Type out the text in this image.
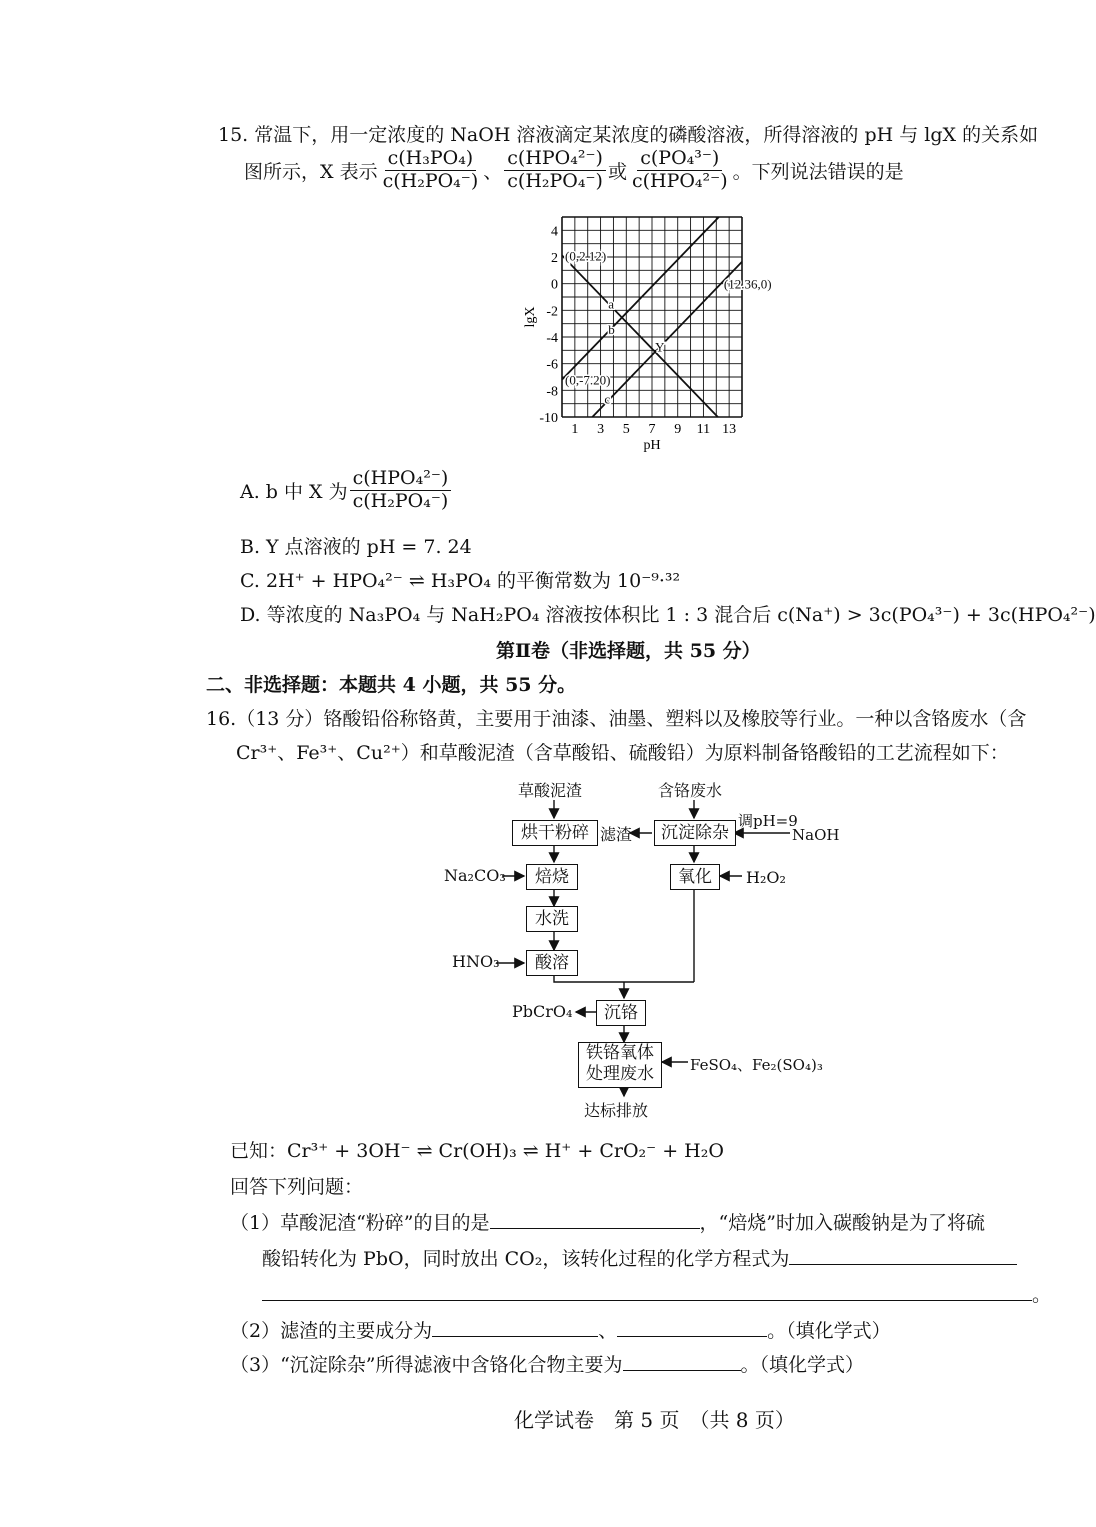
15. 常温下，用一定浓度的 NaOH 溶液滴定某浓度的磷酸溶液，所得溶液的 pH 与 lgX 的关系如
图所示，X 表示 $\frac{\text{c(H₃PO₄)}}{\text{c(H₂PO₄⁻)}}$ 、 $\frac{\text{c(HPO₄²⁻)}}{\text{c(H₂PO₄⁻)}}$ 或 $\frac{\text{c(PO₄³⁻)}}{\text{c(HPO₄²⁻)}}$ 。下列说法错误的是
4
2
0
-2
-4
-6
-8
-10
1 3 5 7 9 11 13
pH
lgX
(0,2.12)
(12.36,0)
(0,-7.20)
a
b
c
Y
A. b 中 X 为 $\frac{\text{c(HPO₄²⁻)}}{\text{c(H₂PO₄⁻)}}$
B. Y 点溶液的 pH = 7. 24
C. 2H⁺ + HPO₄²⁻ ⇌ H₃PO₄ 的平衡常数为 10⁻⁹·³²
D. 等浓度的 Na₃PO₄ 与 NaH₂PO₄ 溶液按体积比 1 : 3 混合后 c(Na⁺) > 3c(PO₄³⁻) + 3c(HPO₄²⁻)
第Ⅱ卷（非选择题，共 55 分）
二、非选择题：本题共 4 小题，共 55 分。
16.（13 分）铬酸铅俗称铬黄，主要用于油漆、油墨、塑料以及橡胶等行业。一种以含铬废水（含
Cr³⁺、Fe³⁺、Cu²⁺）和草酸泥渣（含草酸铅、硫酸铅）为原料制备铬酸铅的工艺流程如下：
草酸泥渣	含铬废水
烘干粉碎 滤渣	沉淀除杂
调pH=9
NaOH
Na₂CO₃	焙烧	氧化	H₂O₂
水洗
HNO₃	酸溶
PbCrO₄	沉铬
铁铬氧体
处理废水	FeSO₄、Fe₂(SO₄)₃
达标排放
已知：Cr³⁺ + 3OH⁻ ⇌ Cr(OH)₃ ⇌ H⁺ + CrO₂⁻ + H₂O
回答下列问题：
（1）草酸泥渣“粉碎”的目的是	，“焙烧”时加入碳酸钠是为了将硫
酸铅转化为 PbO，同时放出 CO₂，该转化过程的化学方程式为
。
（2）滤渣的主要成分为	、	。（填化学式）
（3）“沉淀除杂”所得滤液中含铬化合物主要为	。（填化学式）
化学试卷　第 5 页　（共 8 页）
